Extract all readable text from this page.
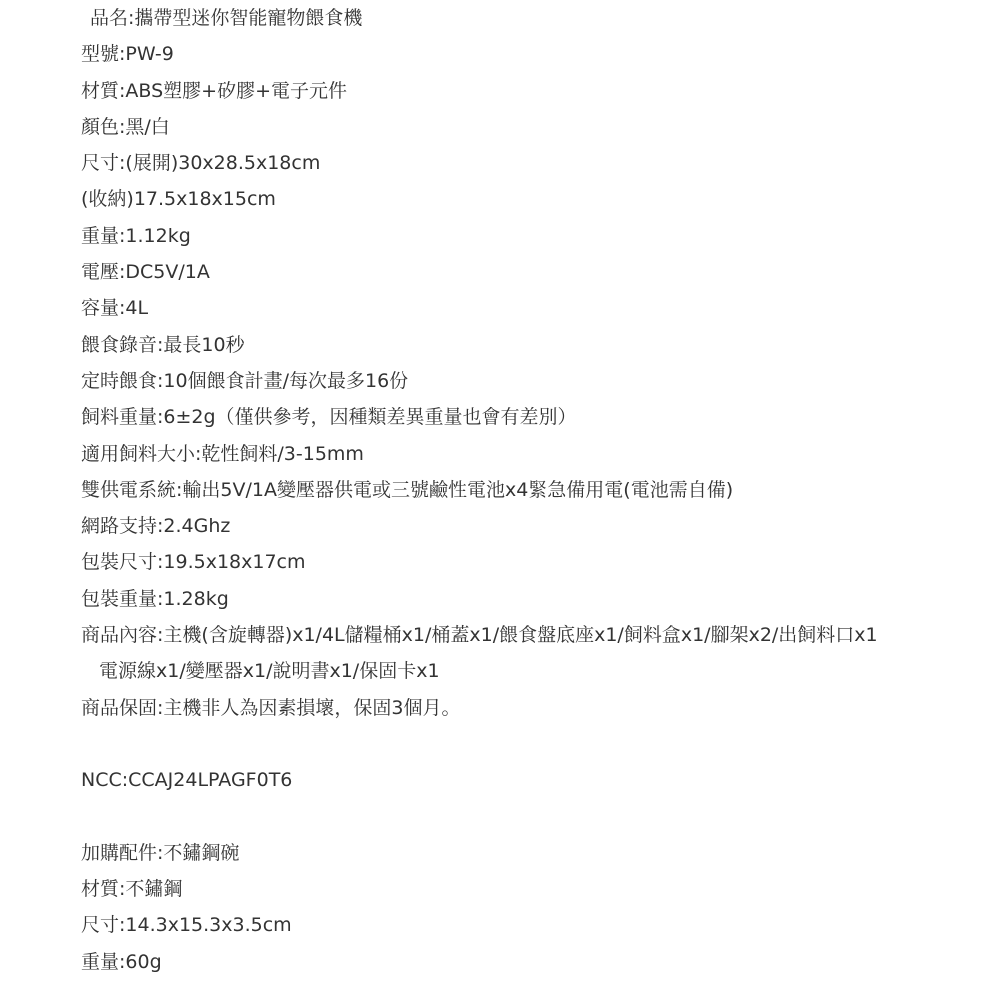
品名:攜帶型迷你智能寵物餵食機
型號:PW-9
材質:ABS塑膠+矽膠+電子元件
顏色:黑/白
尺寸:(展開)30x28.5x18cm
(收納)17.5x18x15cm
重量:1.12kg
電壓:DC5V/1A
容量:4L
餵食錄音:最長10秒
定時餵食:10個餵食計畫/每次最多16份
飼料重量:6±2g（僅供參考，因種類差異重量也會有差別）
適用飼料大小:乾性飼料/3-15mm
雙供電系統:輸出5V/1A變壓器供電或三號鹼性電池x4緊急備用電(電池需自備)
網路支持:2.4Ghz
包裝尺寸:19.5x18x17cm
包裝重量:1.28kg
商品內容:主機(含旋轉器)x1/4L儲糧桶x1/桶蓋x1/餵食盤底座x1/飼料盒x1/腳架x2/出飼料口x1
電源線x1/變壓器x1/說明書x1/保固卡x1
商品保固:主機非人為因素損壞，保固3個月。
NCC:CCAJ24LPAGF0T6
加購配件:不鏽鋼碗
材質:不鏽鋼
尺寸:14.3x15.3x3.5cm
重量:60g
